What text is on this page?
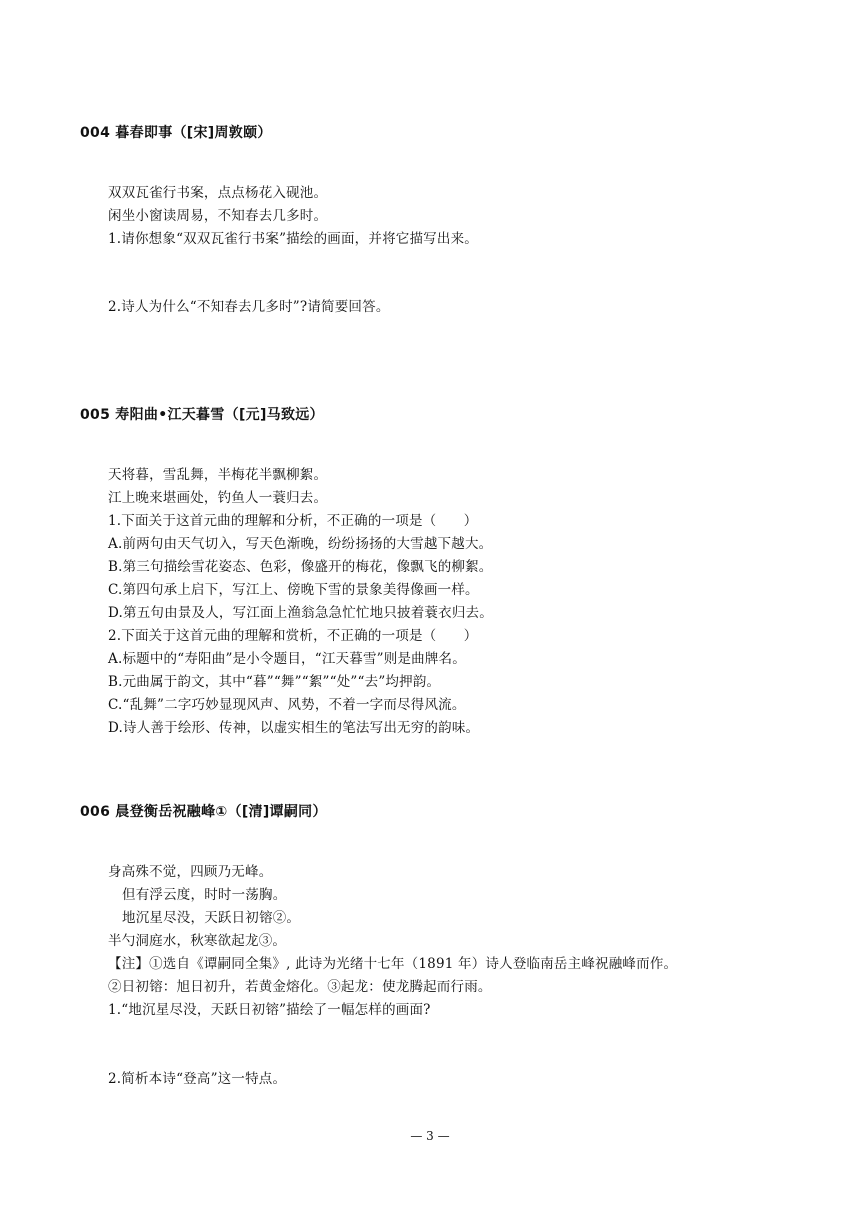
004 暮春即事（[宋]周敦颐）
双双瓦雀行书案，点点杨花入砚池。
闲坐小窗读周易，不知春去几多时。
1.请你想象“双双瓦雀行书案”描绘的画面，并将它描写出来。
2.诗人为什么“不知春去几多时”?请简要回答。
005 寿阳曲•江天暮雪（[元]马致远）
天将暮，雪乱舞，半梅花半飘柳絮。
江上晚来堪画处，钓鱼人一蓑归去。
1.下面关于这首元曲的理解和分析，不正确的一项是（　　）
A.前两句由天气切入，写天色渐晚，纷纷扬扬的大雪越下越大。
B.第三句描绘雪花姿态、色彩，像盛开的梅花，像飘飞的柳絮。
C.第四句承上启下，写江上、傍晚下雪的景象美得像画一样。
D.第五句由景及人，写江面上渔翁急急忙忙地只披着蓑衣归去。
2.下面关于这首元曲的理解和赏析，不正确的一项是（　　）
A.标题中的“寿阳曲”是小令题目，“江天暮雪”则是曲牌名。
B.元曲属于韵文，其中“暮”“舞”“絮”“处”“去”均押韵。
C.“乱舞”二字巧妙显现风声、风势，不着一字而尽得风流。
D.诗人善于绘形、传神，以虚实相生的笔法写出无穷的韵味。
006 晨登衡岳祝融峰①（[清]谭嗣同）
身高殊不觉，四顾乃无峰。
但有浮云度，时时一荡胸。
地沉星尽没，天跃日初镕②。
半勺洞庭水，秋寒欲起龙③。
【注】①选自《谭嗣同全集》, 此诗为光绪十七年（1891 年）诗人登临南岳主峰祝融峰而作。
②日初镕：旭日初升，若黄金熔化。③起龙：使龙腾起而行雨。
1.“地沉星尽没，天跃日初镕”描绘了一幅怎样的画面?
2.简析本诗“登高”这一特点。
— 3 —
